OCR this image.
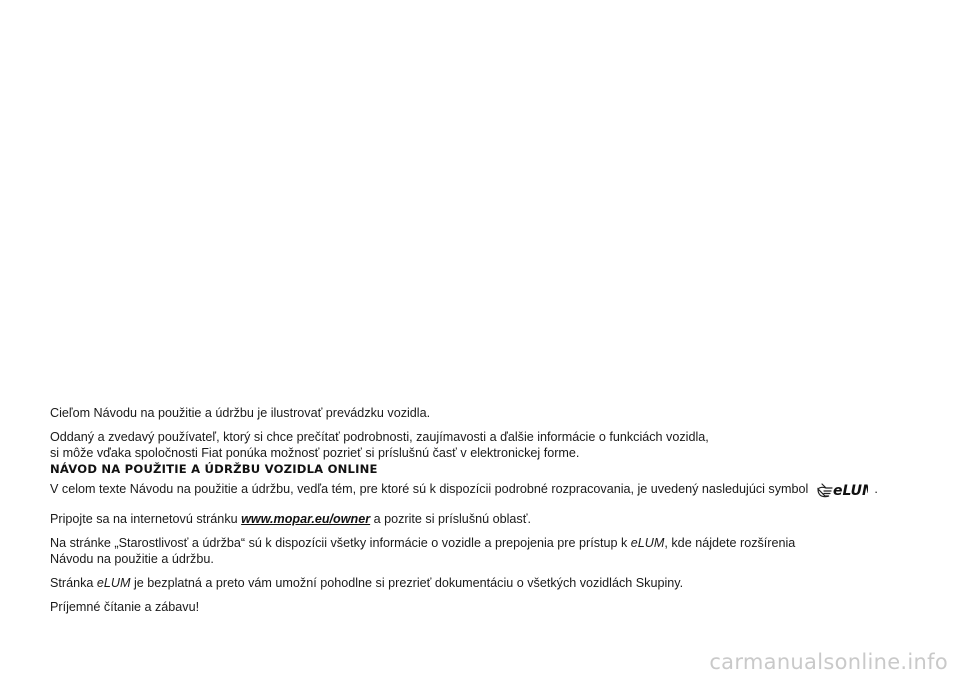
Cieľom Návodu na použitie a údržbu je ilustrovať prevádzku vozidla.

Oddaný a zvedavý používateľ, ktorý si chce prečítať podrobnosti, zaujímavosti a ďalšie informácie o funkciách vozidla,

si môže vďaka spoločnosti Fiat ponúka možnosť pozrieť si príslušnú časť v elektronickej forme.

NÁVOD NA POUŽITIE A ÚDRŽBU VOZIDLA ONLINE

V celom texte Návodu na použitie a údržbu, vedľa tém, pre ktoré sú k dispozícii podrobné rozpracovania, je uvedený nasledujúci symbol eLU .

Pripojte sa na internetovú stránku www.mopar.eu/owner a pozrite si príslušnú oblasť.

Na stránke „Starostlivosť a údržba“ sú k dispozícii všetky informácie o vozidle a prepojenia pre prístup k eLUM, kde nájdete rozšírenia

Návodu na použitie a údržbu.

Stránka eLUM je bezplatná a preto vám umožní pohodlne si prezrieť dokumentáciu o všetkých vozidlách Skupiny.

Príjemné čítanie a zábavu!

carmanualsonline.info
